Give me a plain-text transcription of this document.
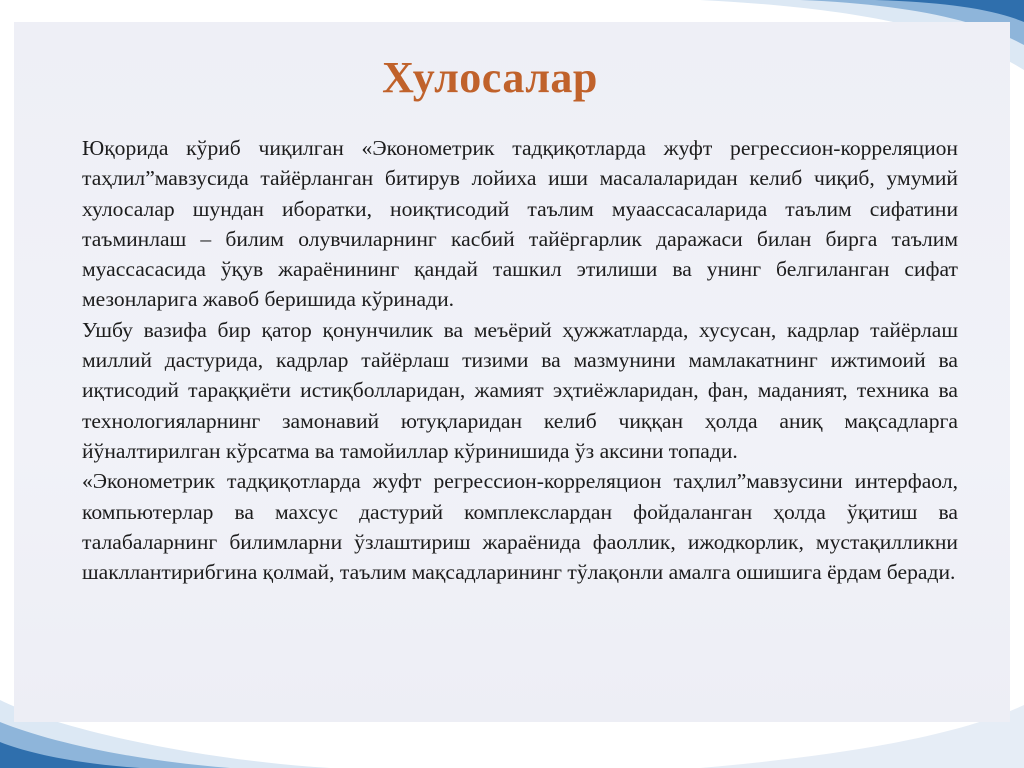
Хулосалар

Юқорида кўриб чиқилган «Эконометрик тадқиқотларда жуфт регрессион-корреляцион таҳлил”мавзусида тайёрланган битирув лойиха иши масалаларидан келиб чиқиб, умумий хулосалар шундан иборатки, ноиқтисодий таълим муаассасаларида таълим сифатини таъминлаш – билим олувчиларнинг касбий тайёргарлик даражаси билан бирга таълим муассасасида ўқув жараёнининг қандай ташкил этилиши ва унинг белгиланган сифат мезонларига жавоб беришида кўринади.

Ушбу вазифа бир қатор қонунчилик ва меъёрий ҳужжатларда, хусусан, кадрлар тайёрлаш миллий дастурида, кадрлар тайёрлаш тизими ва мазмунини мамлакатнинг ижтимоий ва иқтисодий тараққиёти истиқболларидан, жамият эҳтиёжларидан, фан, маданият, техника ва технологияларнинг замонавий ютуқларидан келиб чиққан ҳолда аниқ мақсадларга йўналтирилган кўрсатма ва тамойиллар кўринишида ўз аксини топади.

«Эконометрик тадқиқотларда жуфт регрессион-корреляцион таҳлил”мавзусини интерфаол, компьютерлар ва махсус дастурий комплекслардан фойдаланган ҳолда ўқитиш ва талабаларнинг билимларни ўзлаштириш жараёнида фаоллик, ижодкорлик, мустақилликни шакллантирибгина қолмай, таълим мақсадларининг тўлақонли амалга ошишига ёрдам беради.
